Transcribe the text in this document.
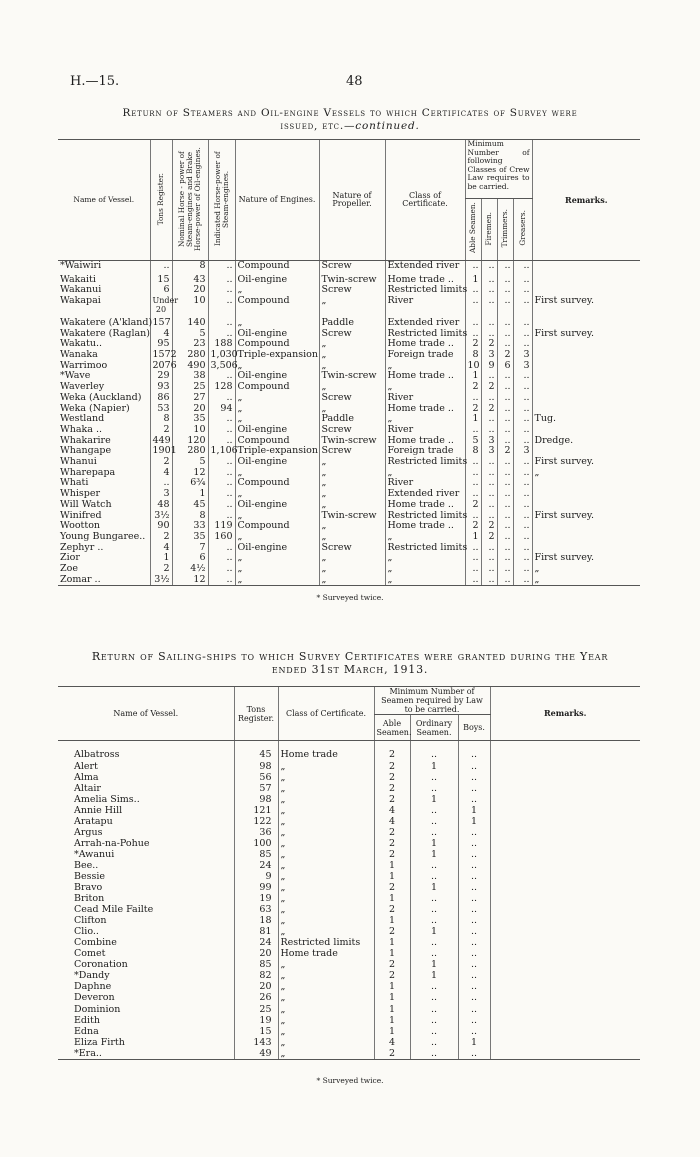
H.—15.	48
Return of Steamers and Oil-engine Vessels to which Certificates of Survey were
issued, etc.—continued.
Name of Vessel.	Tons Register.	Nominal Horse - power of Steam-engines and Brake Horse-power of Oil-engines.	Indicated Horse-power of Steam-engines.	Nature of Engines.	Nature of Propeller.	Class of Certificate.	Minimum Number of following Classes of Crew Law requires to be carried.				Remarks.
							Able Seamen.	Firemen.	Trimmers.	Greasers.	
*Waiwiri	..	8	..	Compound	Screw	Extended river	..	..	..	..	
Wakaiti	15	43	..	Oil-engine	Twin-screw	Home trade ..	1	..	..	..	
Wakanui	6	20	..	„	Screw	Restricted limits	..	..	..	..	
Wakapai	Under 20	10	..	Compound	„	River	..	..	..	..	First survey.
Wakatere (A'kland)	157	140	..	„	Paddle	Extended river	..	..	..	..	
Wakatere (Raglan)	4	5	..	Oil-engine	Screw	Restricted limits	..	..	..	..	First survey.
Wakatu..	95	23	188	Compound	„	Home trade ..	2	2	..	..	
Wanaka	1572	280	1,030	Triple-expansion	„	Foreign trade	8	3	2	3	
Warrimoo	2076	490	3,506	„	„	„	10	9	6	3	
*Wave	29	38	..	Oil-engine	Twin-screw	Home trade ..	1	..	..	..	
Waverley	93	25	128	Compound	„	„	2	2	..	..	
Weka (Auckland)	86	27	..	„	Screw	River	..	..	..	..	
Weka (Napier)	53	20	94	„	„	Home trade ..	2	2	..	..	
Westland	8	35	..	„	Paddle	„	1	..	..	..	Tug.
Whaka ..	2	10	..	Oil-engine	Screw	River	..	..	..	..	
Whakarire	449	120	..	Compound	Twin-screw	Home trade ..	5	3	..	..	Dredge.
Whangape	1901	280	1,106	Triple-expansion	Screw	Foreign trade	8	3	2	3	
Whanui	2	5	..	Oil-engine	„	Restricted limits	..	..	..	..	First survey.
Wharepapa	4	12	..	„	„	„	..	..	..	..	„
Whati	..	6¾	..	Compound	„	River	..	..	..	..	
Whisper	3	1	..	„	„	Extended river	..	..	..	..	
Will Watch	48	45	..	Oil-engine	„	Home trade ..	2	..	..	..	
Winifred	3½	8	..	„	Twin-screw	Restricted limits	..	..	..	..	First survey.
Wootton	90	33	119	Compound	„	Home trade ..	2	2	..	..	
Young Bungaree..	2	35	160	„	„	„	1	2	..	..	
Zephyr ..	4	7	..	Oil-engine	Screw	Restricted limits	..	..	..	..	
Zior	1	6	..	„	„	„	..	..	..	..	First survey.
Zoe	2	4½	..	„	„	„	..	..	..	..	„
Zomar ..	3½	12	..	„	„	„	..	..	..	..	„
* Surveyed twice.
Return of Sailing-ships to which Survey Certificates were granted during the Year
ended 31st March, 1913.
Name of Vessel.	Tons Register.	Class of Certificate.	Minimum Number of Seamen required by Law to be carried.			Remarks.
			Able Seamen.	Ordinary Seamen.	Boys.	
Albatross	45	Home trade	2	..	..	
Alert	98	„	2	1	..	
Alma	56	„	2	..	..	
Altair	57	„	2	..	..	
Amelia Sims..	98	„	2	1	..	
Annie Hill	121	„	4	..	1	
Aratapu	122	„	4	..	1	
Argus	36	„	2	..	..	
Arrah-na-Pohue	100	„	2	1	..	
*Awanui	85	„	2	1	..	
Bee..	24	„	1	..	..	
Bessie	9	„	1	..	..	
Bravo	99	„	2	1	..	
Briton	19	„	1	..	..	
Cead Mile Failte	63	„	2	..	..	
Clifton	18	„	1	..	..	
Clio..	81	„	2	1	..	
Combine	24	Restricted limits	1	..	..	
Comet	20	Home trade	1	..	..	
Coronation	85	„	2	1	..	
*Dandy	82	„	2	1	..	
Daphne	20	„	1	..	..	
Deveron	26	„	1	..	..	
Dominion	25	„	1	..	..	
Edith	19	„	1	..	..	
Edna	15	„	1	..	..	
Eliza Firth	143	„	4	..	1	
*Era..	49	„	2	..	..	
* Surveyed twice.
